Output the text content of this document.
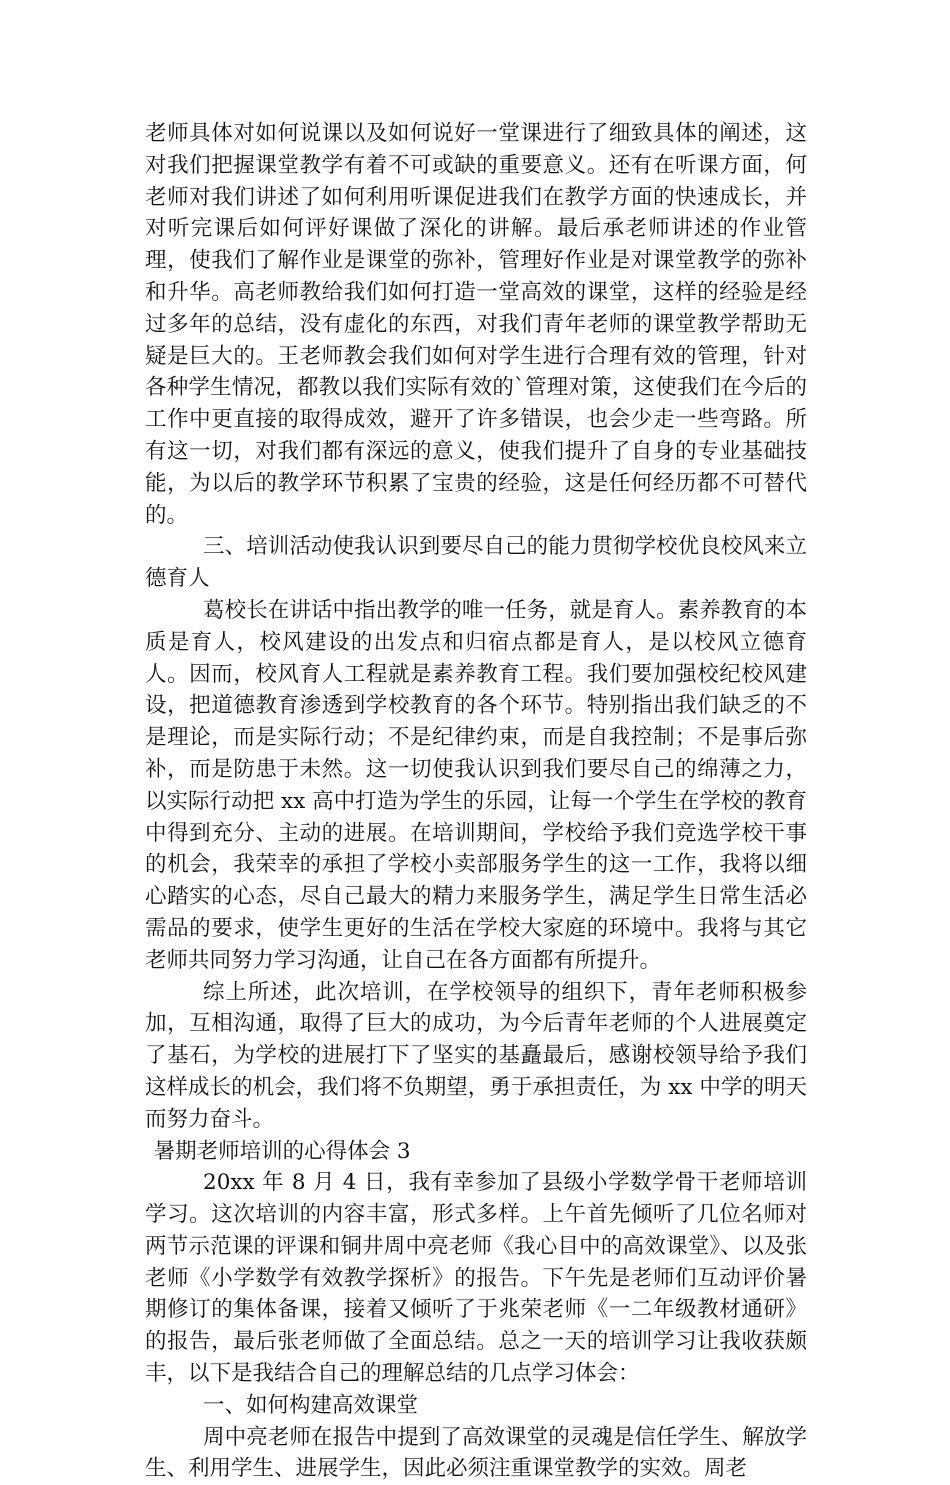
老师具体对如何说课以及如何说好一堂课进行了细致具体的阐述，这对我们把握课堂教学有着不可或缺的重要意义。还有在听课方面，何老师对我们讲述了如何利用听课促进我们在教学方面的快速成长，并对听完课后如何评好课做了深化的讲解。最后承老师讲述的作业管理，使我们了解作业是课堂的弥补，管理好作业是对课堂教学的弥补和升华。高老师教给我们如何打造一堂高效的课堂，这样的经验是经过多年的总结，没有虚化的东西，对我们青年老师的课堂教学帮助无疑是巨大的。王老师教会我们如何对学生进行合理有效的管理，针对各种学生情况，都教以我们实际有效的`管理对策，这使我们在今后的工作中更直接的取得成效，避开了许多错误，也会少走一些弯路。所有这一切，对我们都有深远的意义，使我们提升了自身的专业基础技能，为以后的教学环节积累了宝贵的经验，这是任何经历都不可替代的。

三、培训活动使我认识到要尽自己的能力贯彻学校优良校风来立德育人

葛校长在讲话中指出教学的唯一任务，就是育人。素养教育的本质是育人，校风建设的出发点和归宿点都是育人，是以校风立德育人。因而，校风育人工程就是素养教育工程。我们要加强校纪校风建设，把道德教育渗透到学校教育的各个环节。特别指出我们缺乏的不是理论，而是实际行动；不是纪律约束，而是自我控制；不是事后弥补，而是防患于未然。这一切使我认识到我们要尽自己的绵薄之力，以实际行动把 xx 高中打造为学生的乐园，让每一个学生在学校的教育中得到充分、主动的进展。在培训期间，学校给予我们竞选学校干事的机会，我荣幸的承担了学校小卖部服务学生的这一工作，我将以细心踏实的心态，尽自己最大的精力来服务学生，满足学生日常生活必需品的要求，使学生更好的生活在学校大家庭的环境中。我将与其它老师共同努力学习沟通，让自己在各方面都有所提升。

综上所述，此次培训，在学校领导的组织下，青年老师积极参加，互相沟通，取得了巨大的成功，为今后青年老师的个人进展奠定了基石，为学校的进展打下了坚实的基矗最后，感谢校领导给予我们这样成长的机会，我们将不负期望，勇于承担责任，为 xx 中学的明天而努力奋斗。

暑期老师培训的心得体会 3

20xx 年 8 月 4 日，我有幸参加了县级小学数学骨干老师培训学习。这次培训的内容丰富，形式多样。上午首先倾听了几位名师对两节示范课的评课和铜井周中亮老师《我心目中的高效课堂》、以及张老师《小学数学有效教学探析》的报告。下午先是老师们互动评价暑期修订的集体备课，接着又倾听了于兆荣老师《一二年级教材通研》的报告，最后张老师做了全面总结。总之一天的培训学习让我收获颇丰，以下是我结合自己的理解总结的几点学习体会：

一、如何构建高效课堂

周中亮老师在报告中提到了高效课堂的灵魂是信任学生、解放学生、利用学生、进展学生，因此必须注重课堂教学的实效。周老
